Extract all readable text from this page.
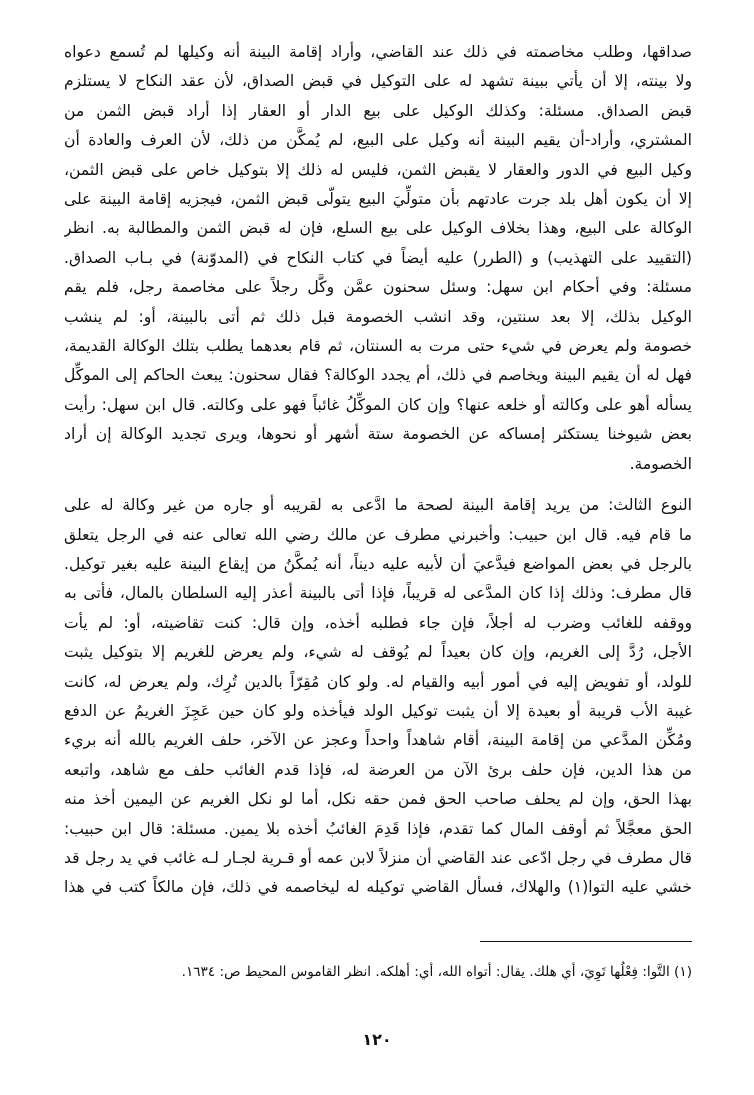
صداقها، وطلب مخاصمته في ذلك عند القاضي، وأراد إقامة البينة أنه وكيلها لم تُسمع دعواه
ولا بينته، إلا أن يأتي ببينة تشهد له على التوكيل في قبض الصداق، لأن عقد النكاح لا يستلزم
قبض الصداق. مسئلة: وكذلك الوكيل على بيع الدار أو العقار إذا أراد قبض الثمن من
المشتري، وأراد-أن يقيم البينة أنه وكيل على البيع، لم يُمكَّن من ذلك، لأن العرف والعادة أن
وكيل البيع في الدور والعقار لا يقبض الثمن، فليس له ذلك إلا بتوكيل خاص على قبض الثمن،
إلا أن يكون أهل بلد جرت عادتهم بأن متولِّيَ البيع يتولّى قبض الثمن، فيجزيه إقامة البينة على
الوكالة على البيع، وهذا بخلاف الوكيل على بيع السلع، فإن له قبض الثمن والمطالبة به. انظر
(التقييد على التهذيب) و (الطرر) عليه أيضاً في كتاب النكاح في (المدوّنة) في بـاب الصداق.
مسئلة: وفي أحكام ابن سهل: وسئل سحنون عمَّن وكَّل رجلاً على مخاصمة رجل، فلم يقم
الوكيل بذلك، إلا بعد سنتين، وقد انشب الخصومة قبل ذلك ثم أتى بالبينة، أو: لم ينشب
خصومة ولم يعرض في شيء حتى مرت به السنتان، ثم قام بعدهما يطلب بتلك الوكالة القديمة،
فهل له أن يقيم البينة ويخاصم في ذلك، أم يجدد الوكالة؟ فقال سحنون: يبعث الحاكم إلى الموكِّل
يسأله أهو على وكالته أو خلعه عنها؟ وإن كان الموكِّلُ غائباً فهو على وكالته. قال ابن سهل: رأيت
بعض شيوخنا يستكثر إمساكه عن الخصومة ستة أشهر أو نحوها، ويرى تجديد الوكالة إن أراد
الخصومة.

النوع الثالث: من يريد إقامة البينة لصحة ما ادَّعى به لقريبه أو جاره من غير وكالة له على
ما قام فيه. قال ابن حبيب: وأخبرني مطرف عن مالك رضي الله تعالى عنه في الرجل يتعلق
بالرجل في بعض المواضع فيدَّعيَ أن لأبيه عليه ديناً، أنه يُمكَّنُ من إيقاع البينة عليه بغير توكيل.
قال مطرف: وذلك إذا كان المدَّعى له قريباً، فإذا أتى بالبينة أعذر إليه السلطان بالمال، فأتى به
ووقفه للغائب وضرب له أجلاً، فإن جاء فطلبه أخذه، وإن قال: كنت تقاضيته، أو: لم يأت
الأجل، رُدَّ إلى الغريم، وإن كان بعيداً لم يُوقف له شيء، ولم يعرض للغريم إلا بتوكيل يثبت
للولد، أو تفويض إليه في أمور أبيه والقيام له. ولو كان مُقِرّاً بالدين تُرِك، ولم يعرض له، كانت
غيبة الأب قريبة أو بعيدة إلا أن يثبت توكيل الولد فيأخذه ولو كان حين عَجِزَ الغريمُ عن الدفع
ومُكِّن المدَّعي من إقامة البينة، أقام شاهداً واحداً وعجز عن الآخر، حلف الغريم بالله أنه بريء
من هذا الدين، فإن حلف برئ الآن من العرضة له، فإذا قدم الغائب حلف مع شاهد، واتبعه
بهذا الحق، وإن لم يحلف صاحب الحق فمن حقه نكل، أما لو نكل الغريم عن اليمين أخذ منه
الحق معجَّلاً ثم أوقف المال كما تقدم، فإذا قَدِمَ الغائبُ أخذه بلا يمين. مسئلة: قال ابن حبيب:
قال مطرف في رجل ادّعى عند القاضي أن منزلاً لابن عمه أو قـرية لجـار لـه غائب في يد رجل قد
خشي عليه التوا(١) والهلاك، فسأل القاضي توكيله له ليخاصمه في ذلك، فإن مالكاً كتب في هذا

(١) التَّوا: فِعْلُها تَوِيَ، أي هلك. يقال: أتواه الله، أي: أهلكه. انظر القاموس المحيط ص: ١٦٣٤.
١٢٠
